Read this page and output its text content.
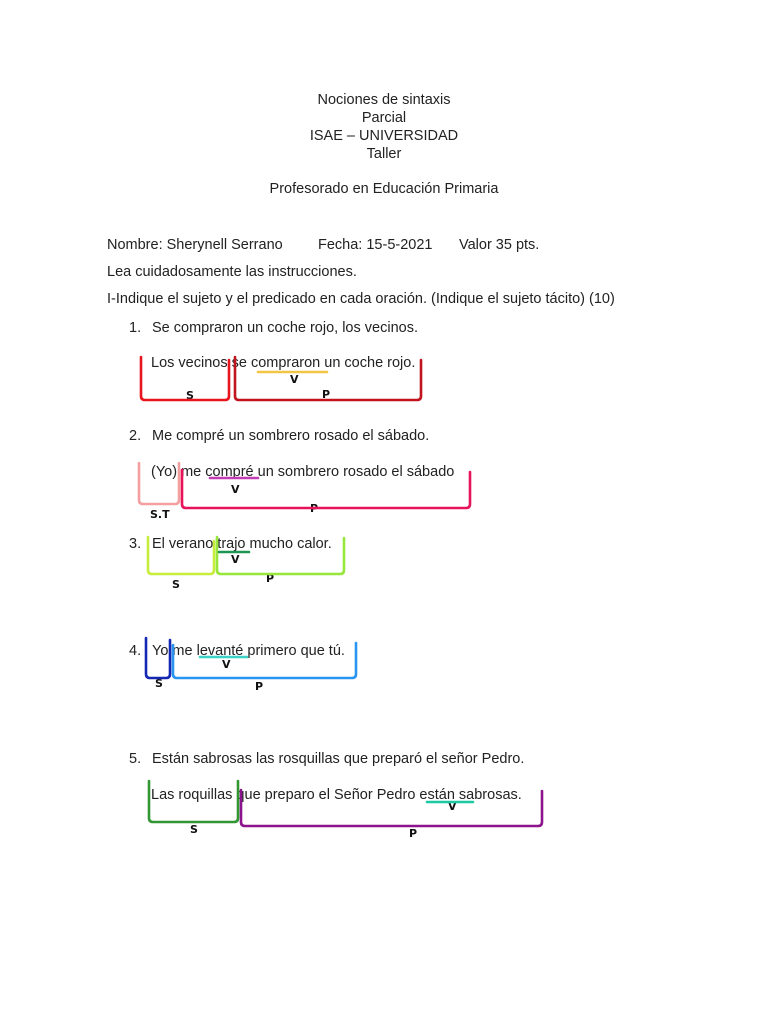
Nociones de sintaxis
Parcial
ISAE – UNIVERSIDAD
Taller
Profesorado en Educación Primaria
Nombre: Sherynell Serrano Fecha: 15-5-2021 Valor 35 pts.
Lea cuidadosamente las instrucciones.
I-Indique el sujeto y el predicado en cada oración. (Indique el sujeto tácito) (10)
1. Se compraron un coche rojo, los vecinos.
Los vecinos se compraron un coche rojo.
V
S	P
2. Me compré un sombrero rosado el sábado.
(Yo) me compré un sombrero rosado el sábado
V
S.T	P
3. El verano trajo mucho calor.
V
S	P
4. Yo me levanté primero que tú.
V
S	P
5. Están sabrosas las rosquillas que preparó el señor Pedro.
Las roquillas que preparo el Señor Pedro están sabrosas.
V
S	P
